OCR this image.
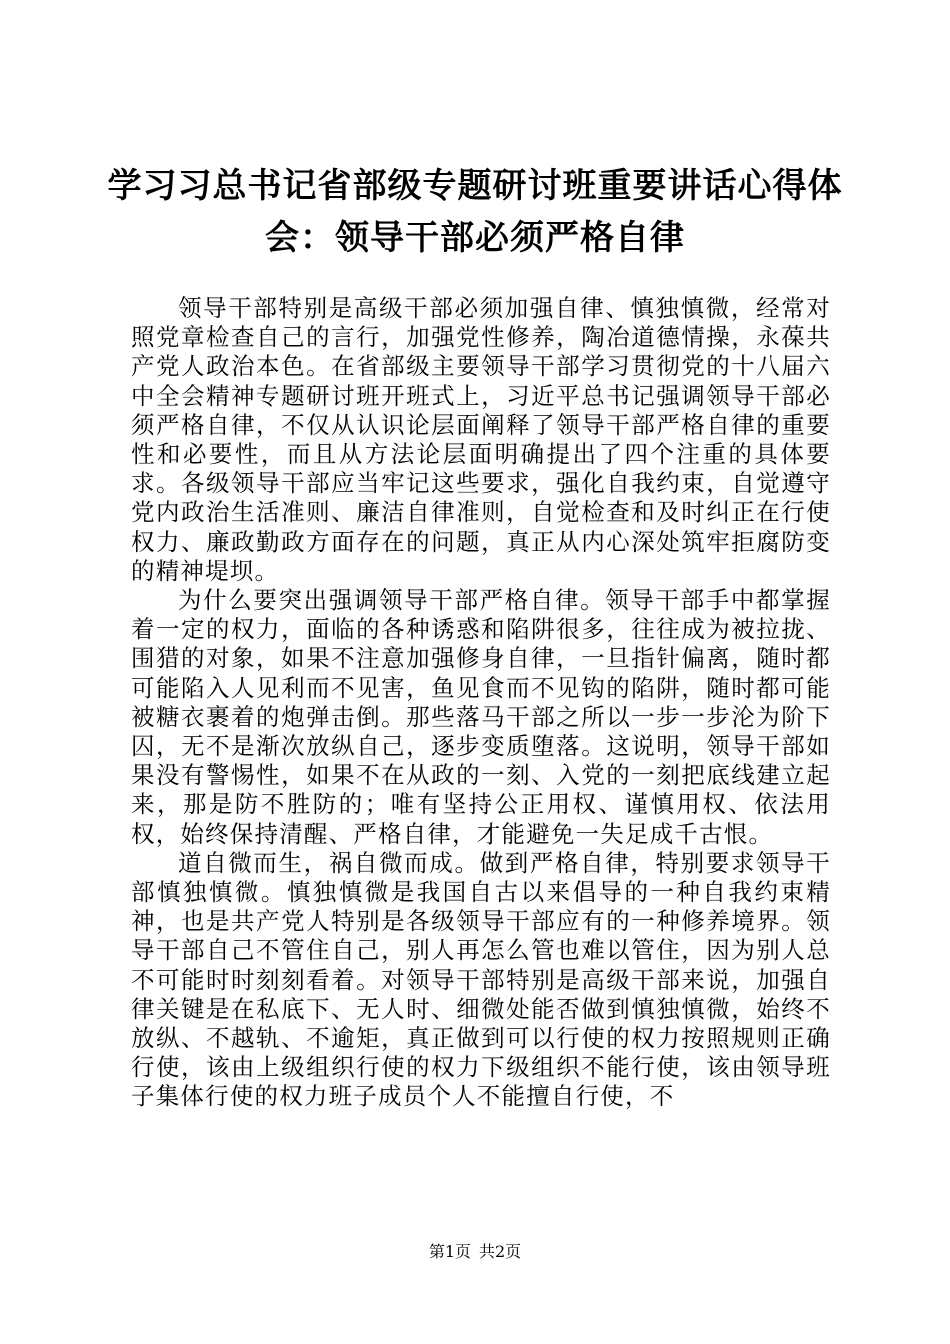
学习习总书记省部级专题研讨班重要讲话心得体会：领导干部必须严格自律

领导干部特别是高级干部必须加强自律、慎独慎微，经常对照党章检查自己的言行，加强党性修养，陶冶道德情操，永葆共产党人政治本色。在省部级主要领导干部学习贯彻党的十八届六中全会精神专题研讨班开班式上，习近平总书记强调领导干部必须严格自律，不仅从认识论层面阐释了领导干部严格自律的重要性和必要性，而且从方法论层面明确提出了四个注重的具体要求。各级领导干部应当牢记这些要求，强化自我约束，自觉遵守党内政治生活准则、廉洁自律准则，自觉检查和及时纠正在行使权力、廉政勤政方面存在的问题，真正从内心深处筑牢拒腐防变的精神堤坝。

为什么要突出强调领导干部严格自律。领导干部手中都掌握着一定的权力，面临的各种诱惑和陷阱很多，往往成为被拉拢、围猎的对象，如果不注意加强修身自律，一旦指针偏离，随时都可能陷入人见利而不见害，鱼见食而不见钩的陷阱，随时都可能被糖衣裹着的炮弹击倒。那些落马干部之所以一步一步沦为阶下囚，无不是渐次放纵自己，逐步变质堕落。这说明，领导干部如果没有警惕性，如果不在从政的一刻、入党的一刻把底线建立起来，那是防不胜防的；唯有坚持公正用权、谨慎用权、依法用权，始终保持清醒、严格自律，才能避免一失足成千古恨。

道自微而生，祸自微而成。做到严格自律，特别要求领导干部慎独慎微。慎独慎微是我国自古以来倡导的一种自我约束精神，也是共产党人特别是各级领导干部应有的一种修养境界。领导干部自己不管住自己，别人再怎么管也难以管住，因为别人总不可能时时刻刻看着。对领导干部特别是高级干部来说，加强自律关键是在私底下、无人时、细微处能否做到慎独慎微，始终不放纵、不越轨、不逾矩，真正做到可以行使的权力按照规则正确行使，该由上级组织行使的权力下级组织不能行使，该由领导班子集体行使的权力班子成员个人不能擅自行使，不

第1页 共2页
